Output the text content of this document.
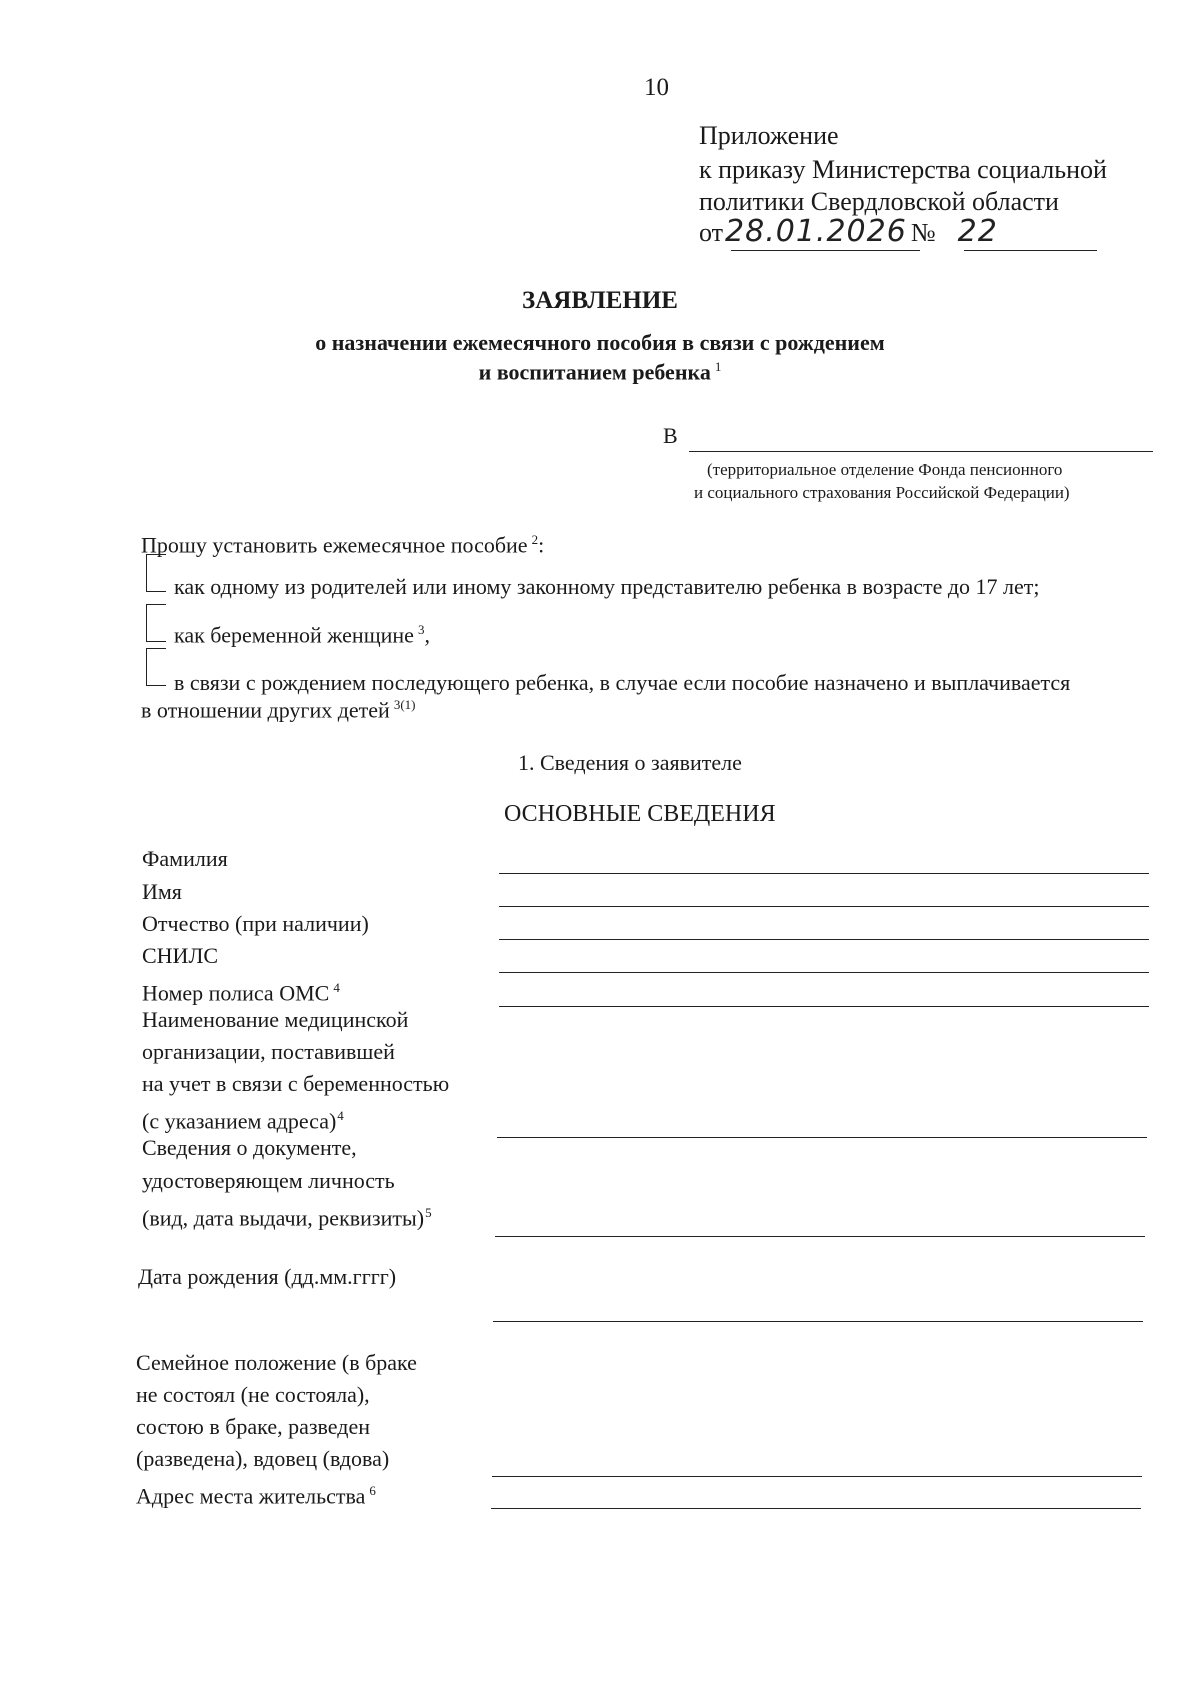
10
Приложение
к приказу Министерства социальной
политики Свердловской области
от28.01.2026 № 22
ЗАЯВЛЕНИЕ
о назначении ежемесячного пособия в связи с рождением
и воспитанием ребенка $^1$
В
(территориальное отделение Фонда пенсионного
и социального страхования Российской Федерации)
Прошу установить ежемесячное пособие $^2$:
как одному из родителей или иному законному представителю ребенка в возрасте до 17 лет;
как беременной женщине $^3$,
в связи с рождением последующего ребенка, в случае если пособие назначено и выплачивается
в отношении других детей $^{3(1)}$
1. Сведения о заявителе
ОСНОВНЫЕ СВЕДЕНИЯ
Фамилия
Имя
Отчество (при наличии)
СНИЛС
Номер полиса ОМС $^4$
Наименование медицинской
организации, поставившей
на учет в связи с беременностью
(с указанием адреса)$^4$
Сведения о документе,
удостоверяющем личность
(вид, дата выдачи, реквизиты)$^5$
Дата рождения (дд.мм.гггг)
Семейное положение (в браке
не состоял (не состояла),
состою в браке, разведен
(разведена), вдовец (вдова)
Адрес места жительства $^6$
